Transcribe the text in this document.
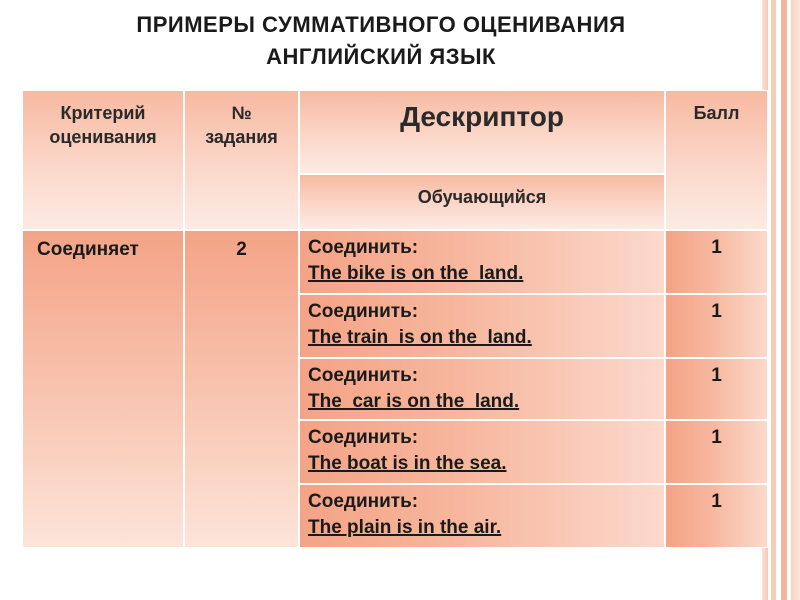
ПРИМЕРЫ СУММАТИВНОГО ОЦЕНИВАНИЯ
АНГЛИЙСКИЙ ЯЗЫК
Критерий оценивания
№ задания
Дескриптор
Обучающийся
Балл
Соединяет	2	Соединить:
The bike is on the  land.
1
Соединить:
The train  is on the  land.
1
Соединить:
The  car is on the  land.
1
Соединить:
The boat is in the sea.
1
Соединить:
The plain is in the air.
1
